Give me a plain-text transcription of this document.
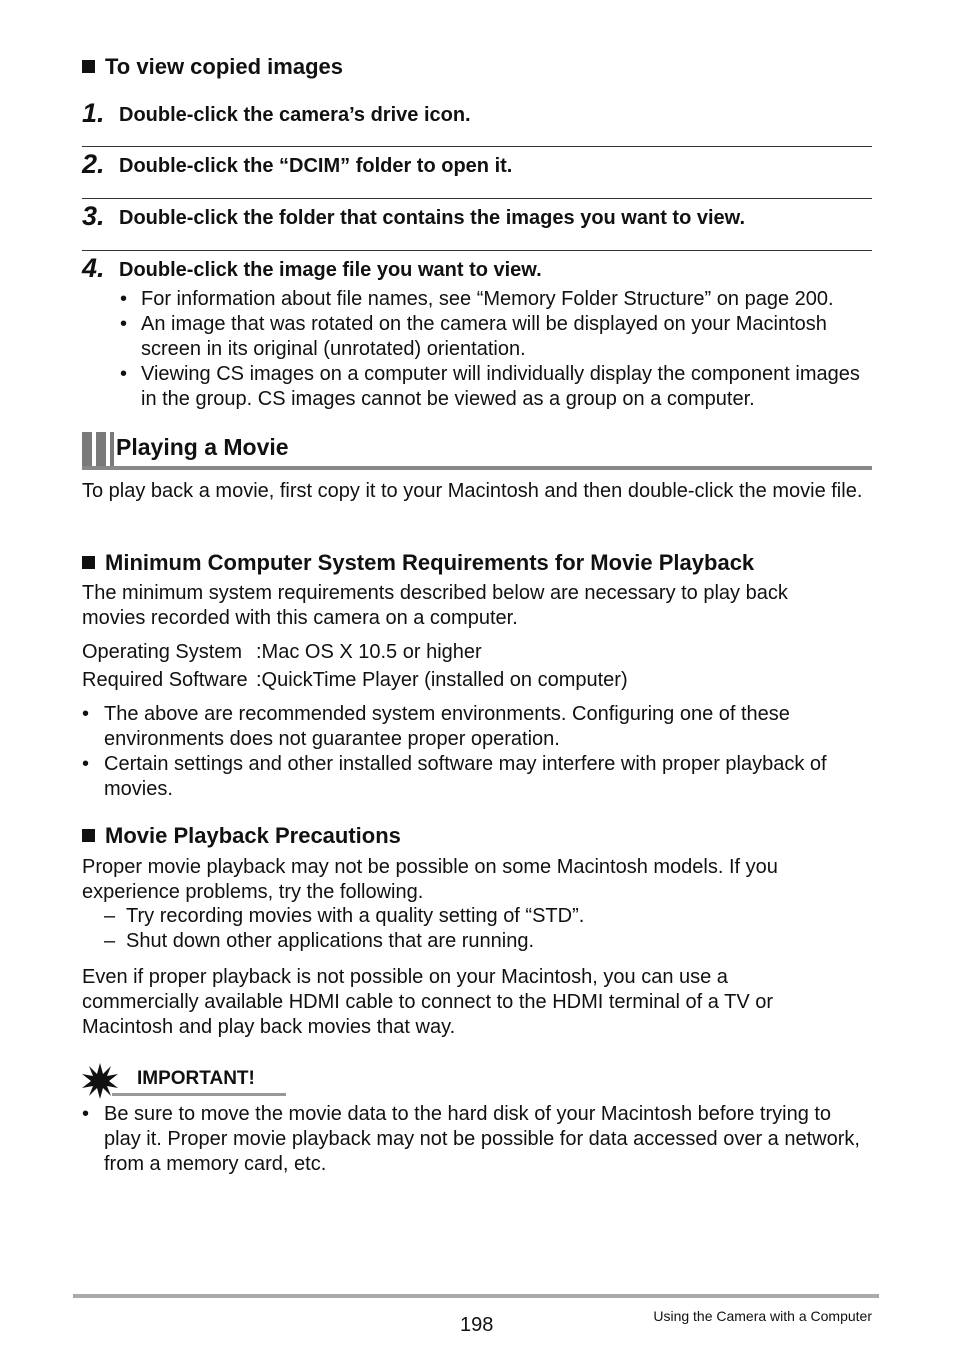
To view copied images
1. Double-click the camera’s drive icon.
2. Double-click the “DCIM” folder to open it.
3. Double-click the folder that contains the images you want to view.
4. Double-click the image file you want to view.
• For information about file names, see “Memory Folder Structure” on page 200.
• An image that was rotated on the camera will be displayed on your Macintosh screen in its original (unrotated) orientation.
• Viewing CS images on a computer will individually display the component images in the group. CS images cannot be viewed as a group on a computer.
Playing a Movie
To play back a movie, first copy it to your Macintosh and then double-click the movie file.
Minimum Computer System Requirements for Movie Playback
The minimum system requirements described below are necessary to play back movies recorded with this camera on a computer.
Operating System :Mac OS X 10.5 or higher
Required Software :QuickTime Player (installed on computer)
• The above are recommended system environments. Configuring one of these environments does not guarantee proper operation.
• Certain settings and other installed software may interfere with proper playback of movies.
Movie Playback Precautions
Proper movie playback may not be possible on some Macintosh models. If you experience problems, try the following.
– Try recording movies with a quality setting of “STD”.
– Shut down other applications that are running.
Even if proper playback is not possible on your Macintosh, you can use a commercially available HDMI cable to connect to the HDMI terminal of a TV or Macintosh and play back movies that way.
IMPORTANT!
• Be sure to move the movie data to the hard disk of your Macintosh before trying to play it. Proper movie playback may not be possible for data accessed over a network, from a memory card, etc.
198	Using the Camera with a Computer
